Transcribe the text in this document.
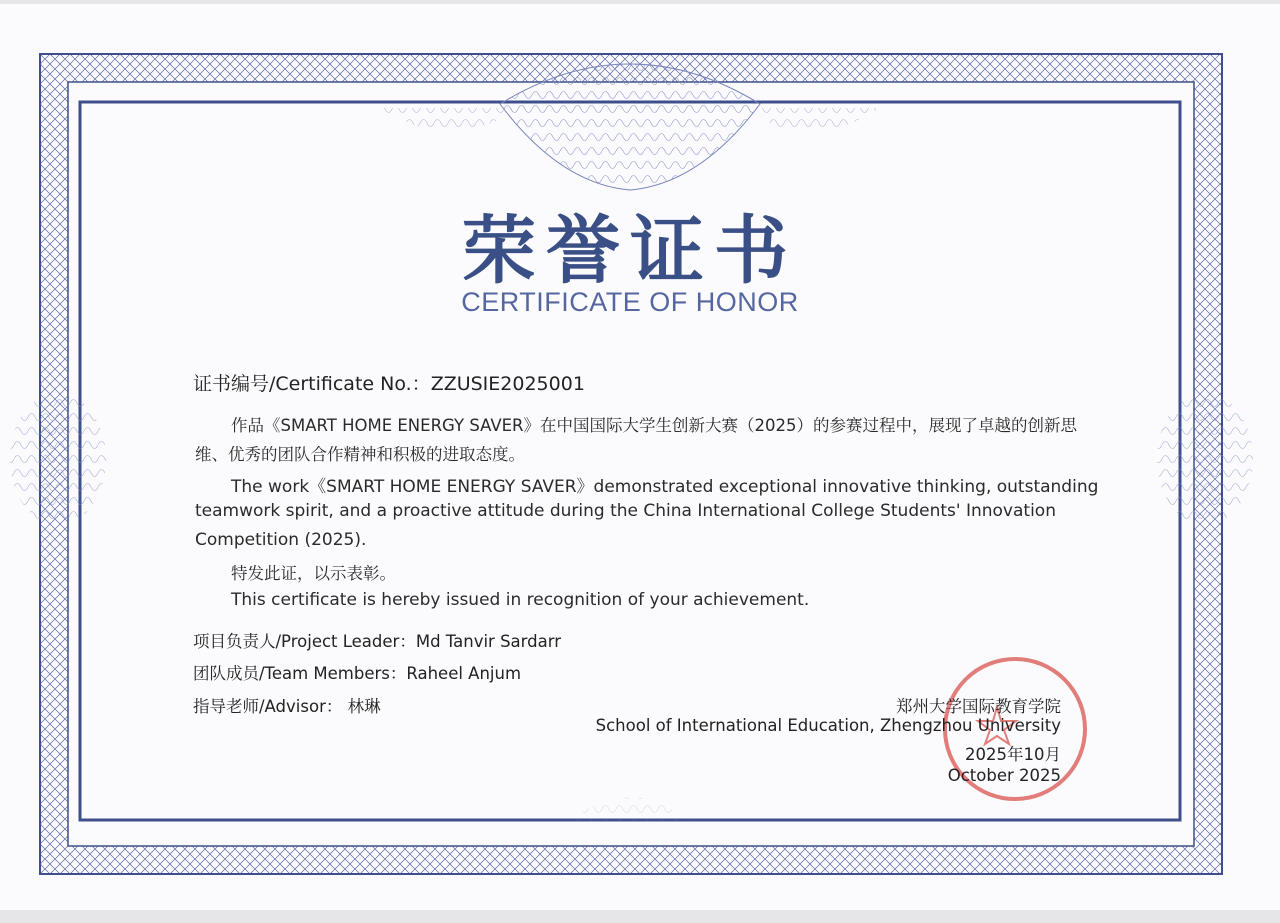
荣誉证书
CERTIFICATE OF HONOR
证书编号/Certificate No.：ZZUSIE2025001
作品《SMART HOME ENERGY SAVER》在中国国际大学生创新大赛（2025）的参赛过程中，展现了卓越的创新思
维、优秀的团队合作精神和积极的进取态度。
The work《SMART HOME ENERGY SAVER》demonstrated exceptional innovative thinking, outstanding
teamwork spirit, and a proactive attitude during the China International College Students' Innovation
Competition (2025).
特发此证，以示表彰。
This certificate is hereby issued in recognition of your achievement.
项目负责人/Project Leader：Md Tanvir Sardarr
团队成员/Team Members：Raheel Anjum
指导老师/Advisor： 林琳	郑州大学国际教育学院
School of International Education, Zhengzhou University
2025年10月
October 2025
